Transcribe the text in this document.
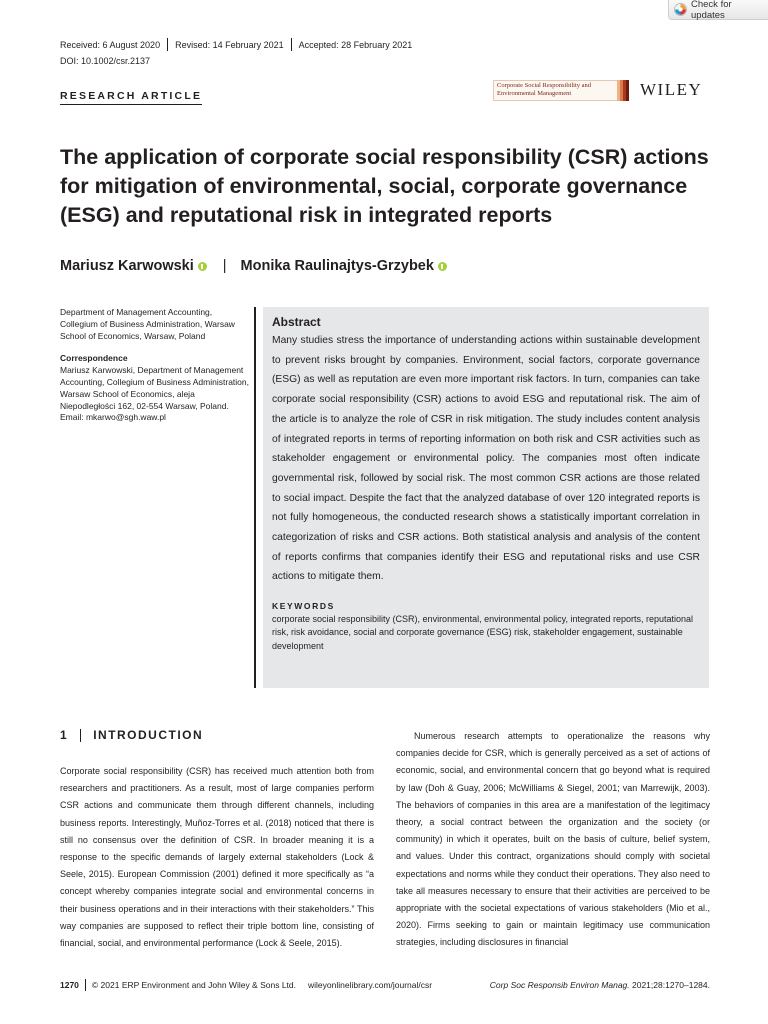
Check for updates
Received: 6 August 2020 Revised: 14 February 2021 Accepted: 28 February 2021
DOI: 10.1002/csr.2137
RESEARCH ARTICLE
Corporate Social Responsibility and
Environmental Management	WILEY
The application of corporate social responsibility (CSR) actions for mitigation of environmental, social, corporate governance (ESG) and reputational risk in integrated reports
Mariusz Karwowski | Monika Raulinajtys-Grzybek

Department of Management Accounting, Collegium of Business Administration, Warsaw School of Economics, Warsaw, Poland

Correspondence

Mariusz Karwowski, Department of Management Accounting, Collegium of Business Administration, Warsaw School of Economics, aleja Niepodległości 162, 02-554 Warsaw, Poland.

Email: mkarwo@sgh.waw.pl

Abstract

Many studies stress the importance of understanding actions within sustainable development to prevent risks brought by companies. Environment, social factors, corporate governance (ESG) as well as reputation are even more important risk factors. In turn, companies can take corporate social responsibility (CSR) actions to avoid ESG and reputational risk. The aim of the article is to analyze the role of CSR in risk mitigation. The study includes content analysis of integrated reports in terms of reporting information on both risk and CSR activities such as stakeholder engagement or environmental policy. The companies most often indicate governmental risk, followed by social risk. The most common CSR actions are those related to social impact. Despite the fact that the analyzed database of over 120 integrated reports is not fully homogeneous, the conducted research shows a statistically important correlation in categorization of risks and CSR actions. Both statistical analysis and analysis of the content of reports confirms that companies identify their ESG and reputational risks and use CSR actions to mitigate them.

KEYWORDS
corporate social responsibility (CSR), environmental, environmental policy, integrated reports, reputational risk, risk avoidance, social and corporate governance (ESG) risk, stakeholder engagement, sustainable development
1 INTRODUCTION

Corporate social responsibility (CSR) has received much attention both from researchers and practitioners. As a result, most of large companies perform CSR actions and communicate them through different channels, including business reports. Interestingly, Muñoz-Torres et al. (2018) noticed that there is still no consensus over the definition of CSR. In broader meaning it is a response to the specific demands of largely external stakeholders (Lock & Seele, 2015). European Commission (2001) defined it more specifically as “a concept whereby companies integrate social and environmental concerns in their business operations and in their interactions with their stakeholders.” This way companies are supposed to reflect their triple bottom line, consisting of financial, social, and environmental performance (Lock & Seele, 2015).

Numerous research attempts to operationalize the reasons why companies decide for CSR, which is generally perceived as a set of actions of economic, social, and environmental concern that go beyond what is required by law (Doh & Guay, 2006; McWilliams & Siegel, 2001; van Marrewijk, 2003). The behaviors of companies in this area are a manifestation of the legitimacy theory, a social contract between the organization and the society (or community) in which it operates, built on the basis of culture, belief system, and values. Under this contract, organizations should comply with societal expectations and norms while they conduct their operations. They also need to take all measures necessary to ensure that their activities are perceived to be appropriate with the societal expectations of various stakeholders (Mio et al., 2020). Firms seeking to gain or maintain legitimacy use communication strategies, including disclosures in financial

1270 © 2021 ERP Environment and John Wiley & Sons Ltd. wileyonlinelibrary.com/journal/csr	Corp Soc Responsib Environ Manag. 2021;28:1270–1284.
